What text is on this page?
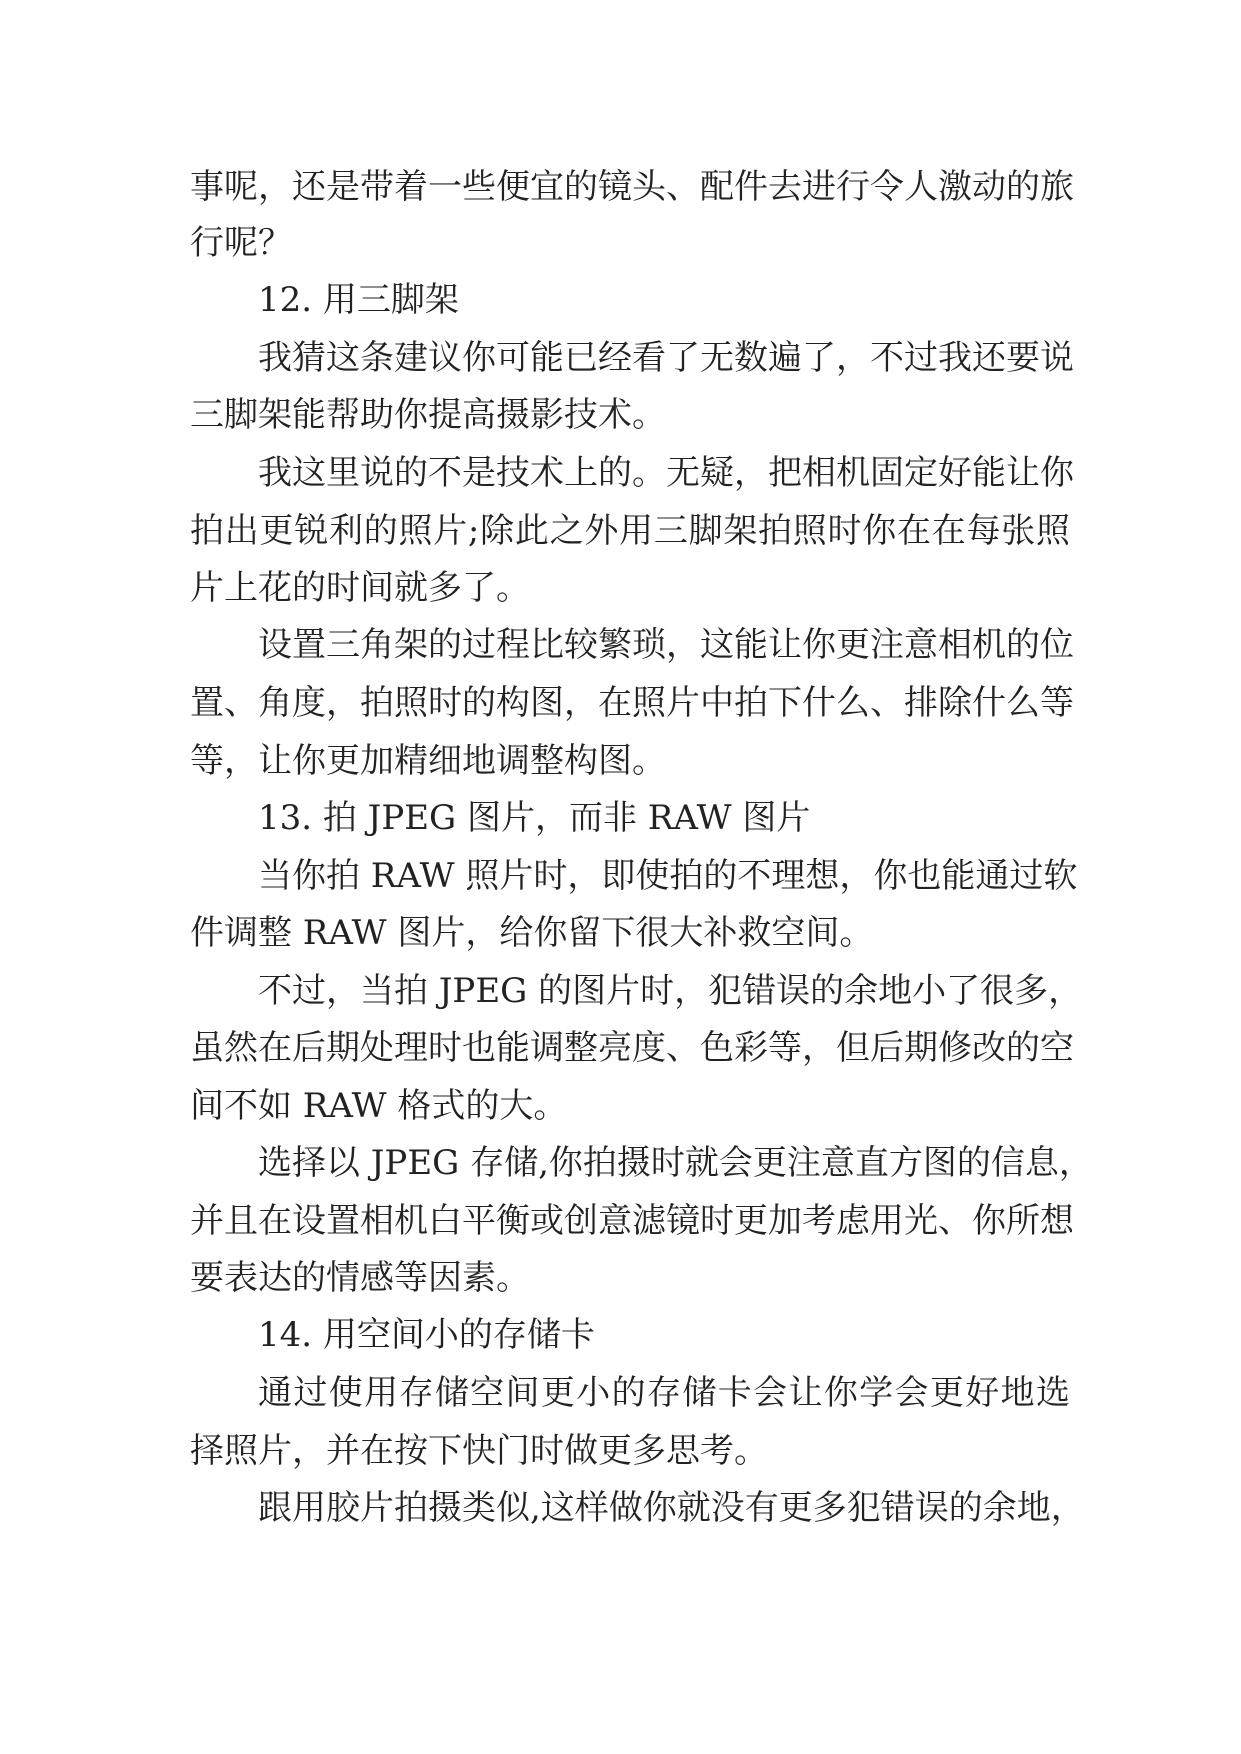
事呢，还是带着一些便宜的镜头、配件去进行令人激动的旅

行呢？

12. 用三脚架

我猜这条建议你可能已经看了无数遍了，不过我还要说

三脚架能帮助你提高摄影技术。

我这里说的不是技术上的。无疑，把相机固定好能让你

拍出更锐利的照片;除此之外用三脚架拍照时你在在每张照

片上花的时间就多了。

设置三角架的过程比较繁琐，这能让你更注意相机的位

置、角度，拍照时的构图，在照片中拍下什么、排除什么等

等，让你更加精细地调整构图。

13. 拍 JPEG 图片，而非 RAW 图片

当你拍 RAW 照片时，即使拍的不理想，你也能通过软

件调整 RAW 图片，给你留下很大补救空间。

不过，当拍 JPEG 的图片时，犯错误的余地小了很多，

虽然在后期处理时也能调整亮度、色彩等，但后期修改的空

间不如 RAW 格式的大。

选择以 JPEG 存储,你拍摄时就会更注意直方图的信息，

并且在设置相机白平衡或创意滤镜时更加考虑用光、你所想

要表达的情感等因素。

14. 用空间小的存储卡

通过使用存储空间更小的存储卡会让你学会更好地选

择照片，并在按下快门时做更多思考。

跟用胶片拍摄类似,这样做你就没有更多犯错误的余地，
